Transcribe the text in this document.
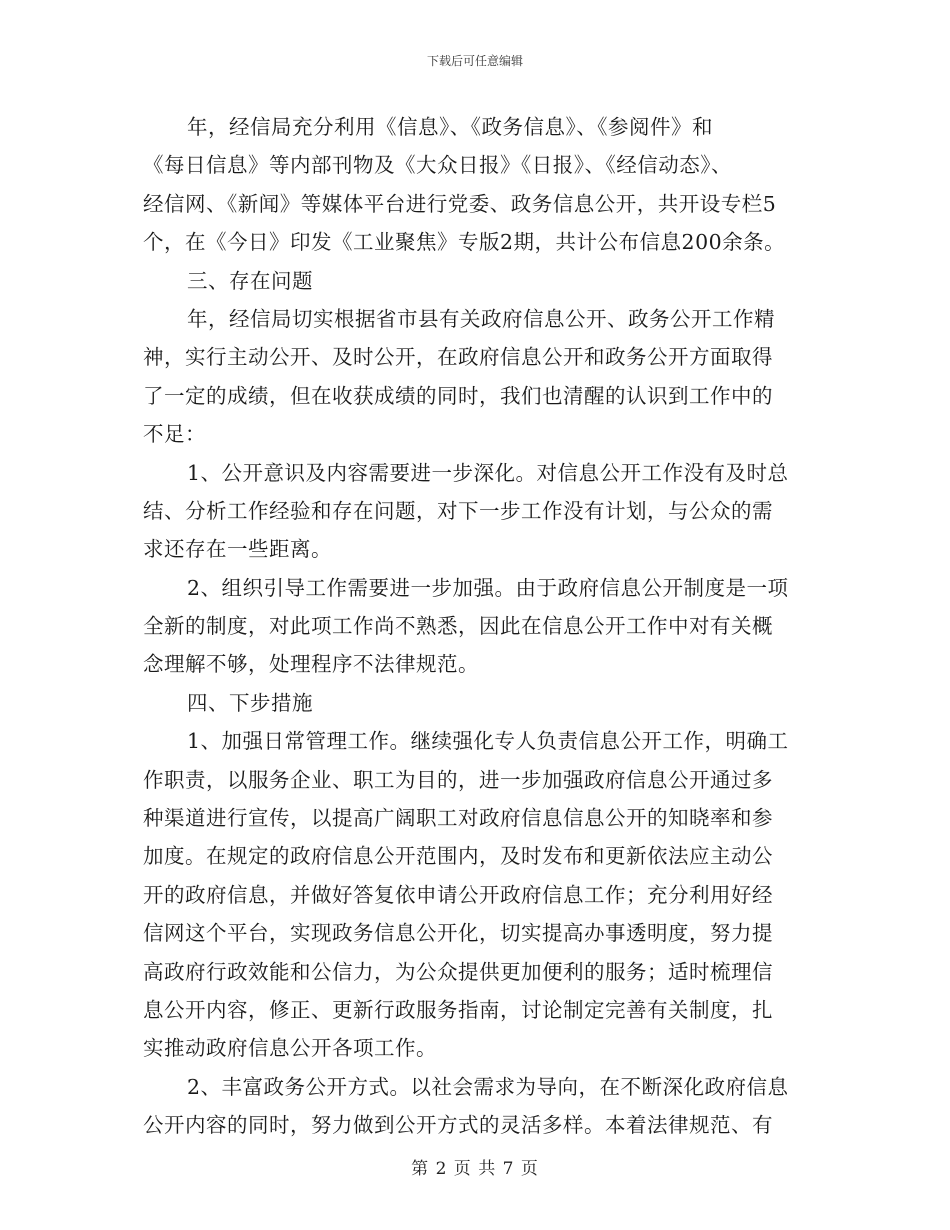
下载后可任意编辑
年，经信局充分利用《信息》、《政务信息》、《参阅件》和
《每日信息》等内部刊物及《大众日报》《日报》、《经信动态》、
经信网、《新闻》等媒体平台进行党委、政务信息公开，共开设专栏5
个，在《今日》印发《工业聚焦》专版2期，共计公布信息200余条。
三、存在问题
年，经信局切实根据省市县有关政府信息公开、政务公开工作精
神，实行主动公开、及时公开，在政府信息公开和政务公开方面取得
了一定的成绩，但在收获成绩的同时，我们也清醒的认识到工作中的
不足：
1、公开意识及内容需要进一步深化。对信息公开工作没有及时总
结、分析工作经验和存在问题，对下一步工作没有计划，与公众的需
求还存在一些距离。
2、组织引导工作需要进一步加强。由于政府信息公开制度是一项
全新的制度，对此项工作尚不熟悉，因此在信息公开工作中对有关概
念理解不够，处理程序不法律规范。
四、下步措施
1、加强日常管理工作。继续强化专人负责信息公开工作，明确工
作职责，以服务企业、职工为目的，进一步加强政府信息公开通过多
种渠道进行宣传，以提高广阔职工对政府信息信息公开的知晓率和参
加度。在规定的政府信息公开范围内，及时发布和更新依法应主动公
开的政府信息，并做好答复依申请公开政府信息工作；充分利用好经
信网这个平台，实现政务信息公开化，切实提高办事透明度，努力提
高政府行政效能和公信力，为公众提供更加便利的服务；适时梳理信
息公开内容，修正、更新行政服务指南，讨论制定完善有关制度，扎
实推动政府信息公开各项工作。
2、丰富政务公开方式。以社会需求为导向，在不断深化政府信息
公开内容的同时，努力做到公开方式的灵活多样。本着法律规范、有
第 2 页 共 7 页
